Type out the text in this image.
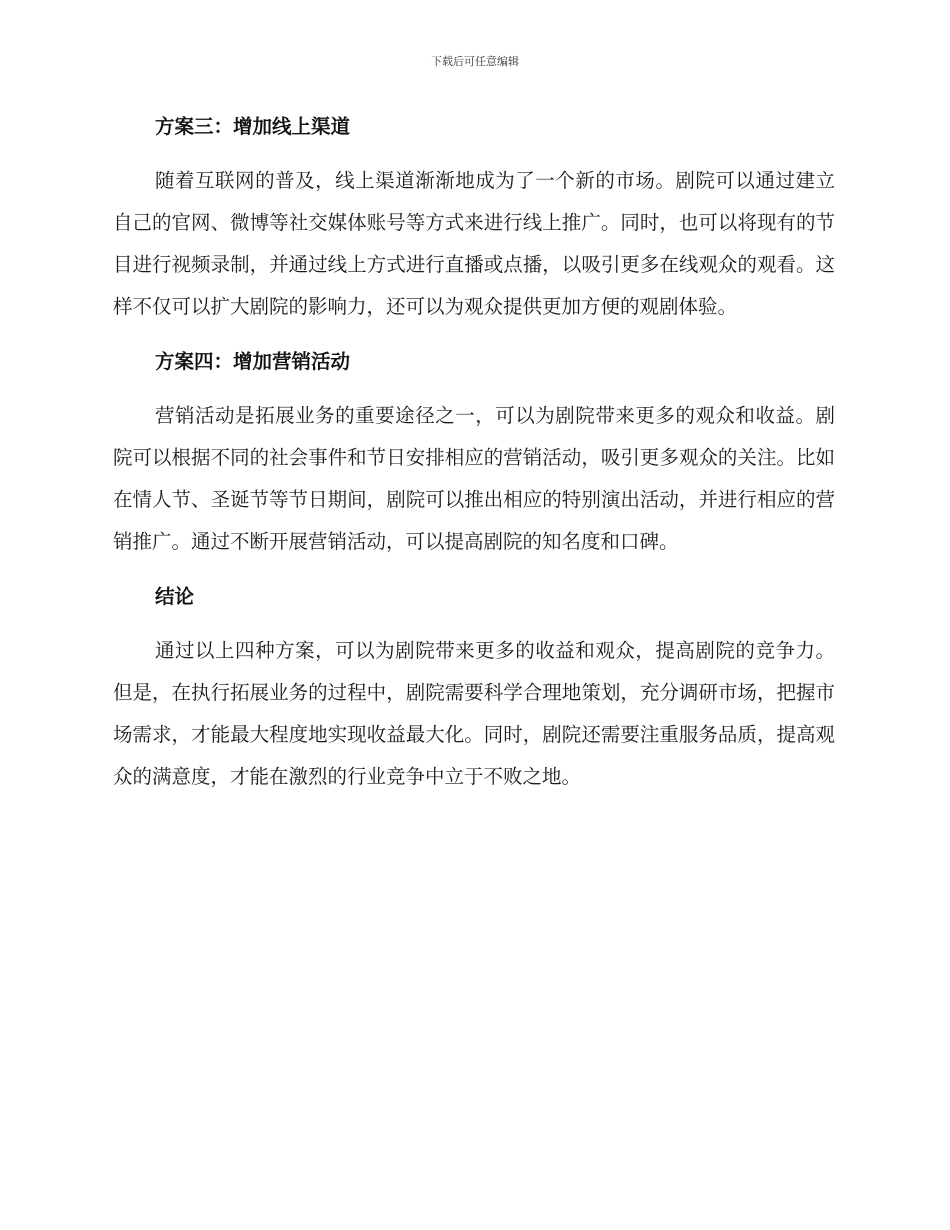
下载后可任意编辑
方案三：增加线上渠道

随着互联网的普及，线上渠道渐渐地成为了一个新的市场。剧院可以通过建立自己的官网、微博等社交媒体账号等方式来进行线上推广。同时，也可以将现有的节目进行视频录制，并通过线上方式进行直播或点播，以吸引更多在线观众的观看。这样不仅可以扩大剧院的影响力，还可以为观众提供更加方便的观剧体验。

方案四：增加营销活动

营销活动是拓展业务的重要途径之一，可以为剧院带来更多的观众和收益。剧院可以根据不同的社会事件和节日安排相应的营销活动，吸引更多观众的关注。比如在情人节、圣诞节等节日期间，剧院可以推出相应的特别演出活动，并进行相应的营销推广。通过不断开展营销活动，可以提高剧院的知名度和口碑。

结论

通过以上四种方案，可以为剧院带来更多的收益和观众，提高剧院的竞争力。但是，在执行拓展业务的过程中，剧院需要科学合理地策划，充分调研市场，把握市场需求，才能最大程度地实现收益最大化。同时，剧院还需要注重服务品质，提高观众的满意度，才能在激烈的行业竞争中立于不败之地。
